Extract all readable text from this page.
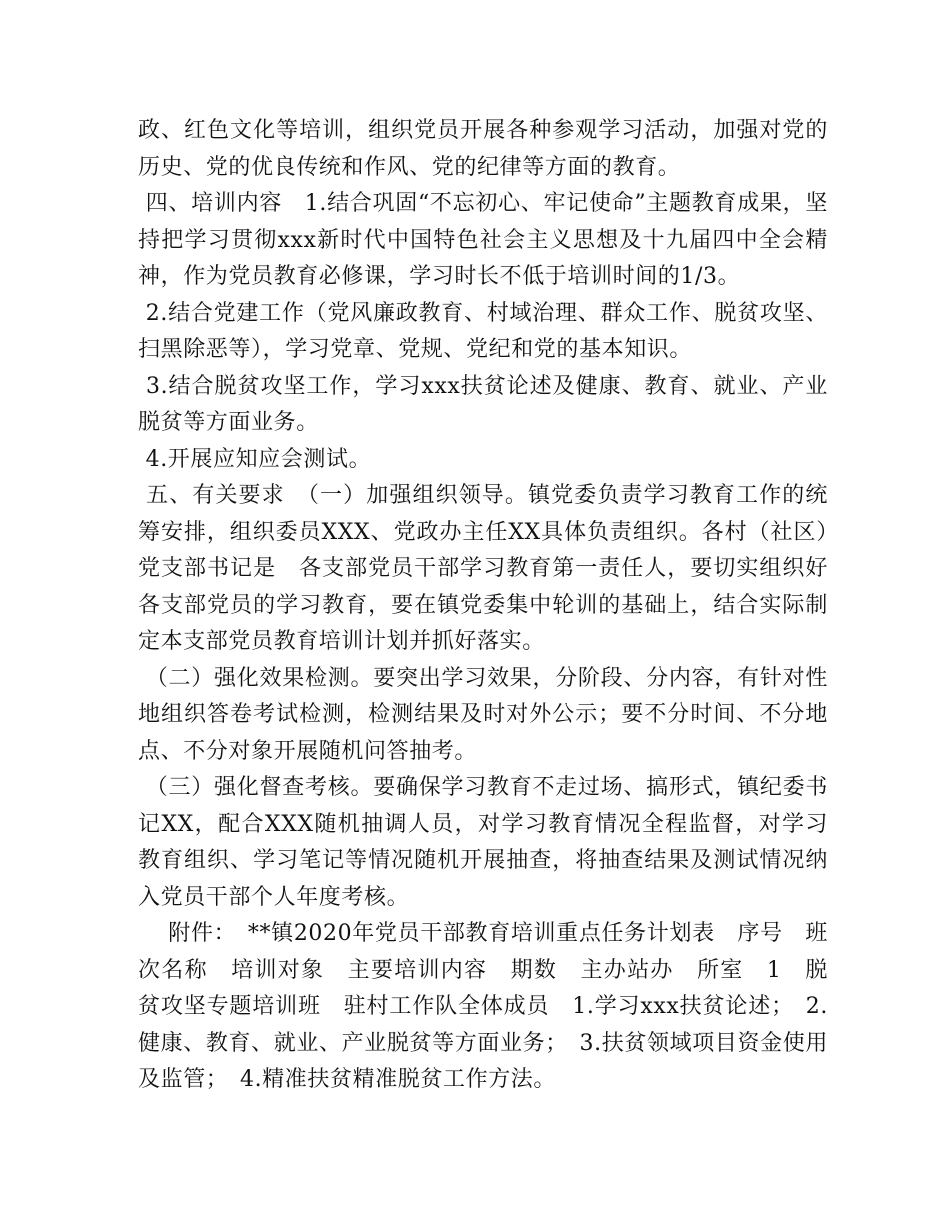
政、红色文化等培训，组织党员开展各种参观学习活动，加强对党的历史、党的优良传统和作风、党的纪律等方面的教育。

四、培训内容　1.结合巩固“不忘初心、牢记使命”主题教育成果，坚持把学习贯彻xxx新时代中国特色社会主义思想及十九届四中全会精神，作为党员教育必修课，学习时长不低于培训时间的1/3。

2.结合党建工作（党风廉政教育、村域治理、群众工作、脱贫攻坚、扫黑除恶等），学习党章、党规、党纪和党的基本知识。

3.结合脱贫攻坚工作，学习xxx扶贫论述及健康、教育、就业、产业脱贫等方面业务。

4.开展应知应会测试。

五、有关要求　（一）加强组织领导。镇党委负责学习教育工作的统筹安排，组织委员XXX、党政办主任XX具体负责组织。各村（社区）党支部书记是　各支部党员干部学习教育第一责任人，要切实组织好各支部党员的学习教育，要在镇党委集中轮训的基础上，结合实际制定本支部党员教育培训计划并抓好落实。

（二）强化效果检测。要突出学习效果，分阶段、分内容，有针对性地组织答卷考试检测，检测结果及时对外公示；要不分时间、不分地点、不分对象开展随机问答抽考。

（三）强化督查考核。要确保学习教育不走过场、搞形式，镇纪委书记XX，配合XXX随机抽调人员，对学习教育情况全程监督，对学习教育组织、学习笔记等情况随机开展抽查，将抽查结果及测试情况纳入党员干部个人年度考核。

　 附件：　**镇2020年党员干部教育培训重点任务计划表　序号　班次名称　培训对象　主要培训内容　期数　主办站办　所室　1　脱贫攻坚专题培训班　驻村工作队全体成员　1.学习xxx扶贫论述；　2.健康、教育、就业、产业脱贫等方面业务；　3.扶贫领域项目资金使用及监管；　4.精准扶贫精准脱贫工作方法。
